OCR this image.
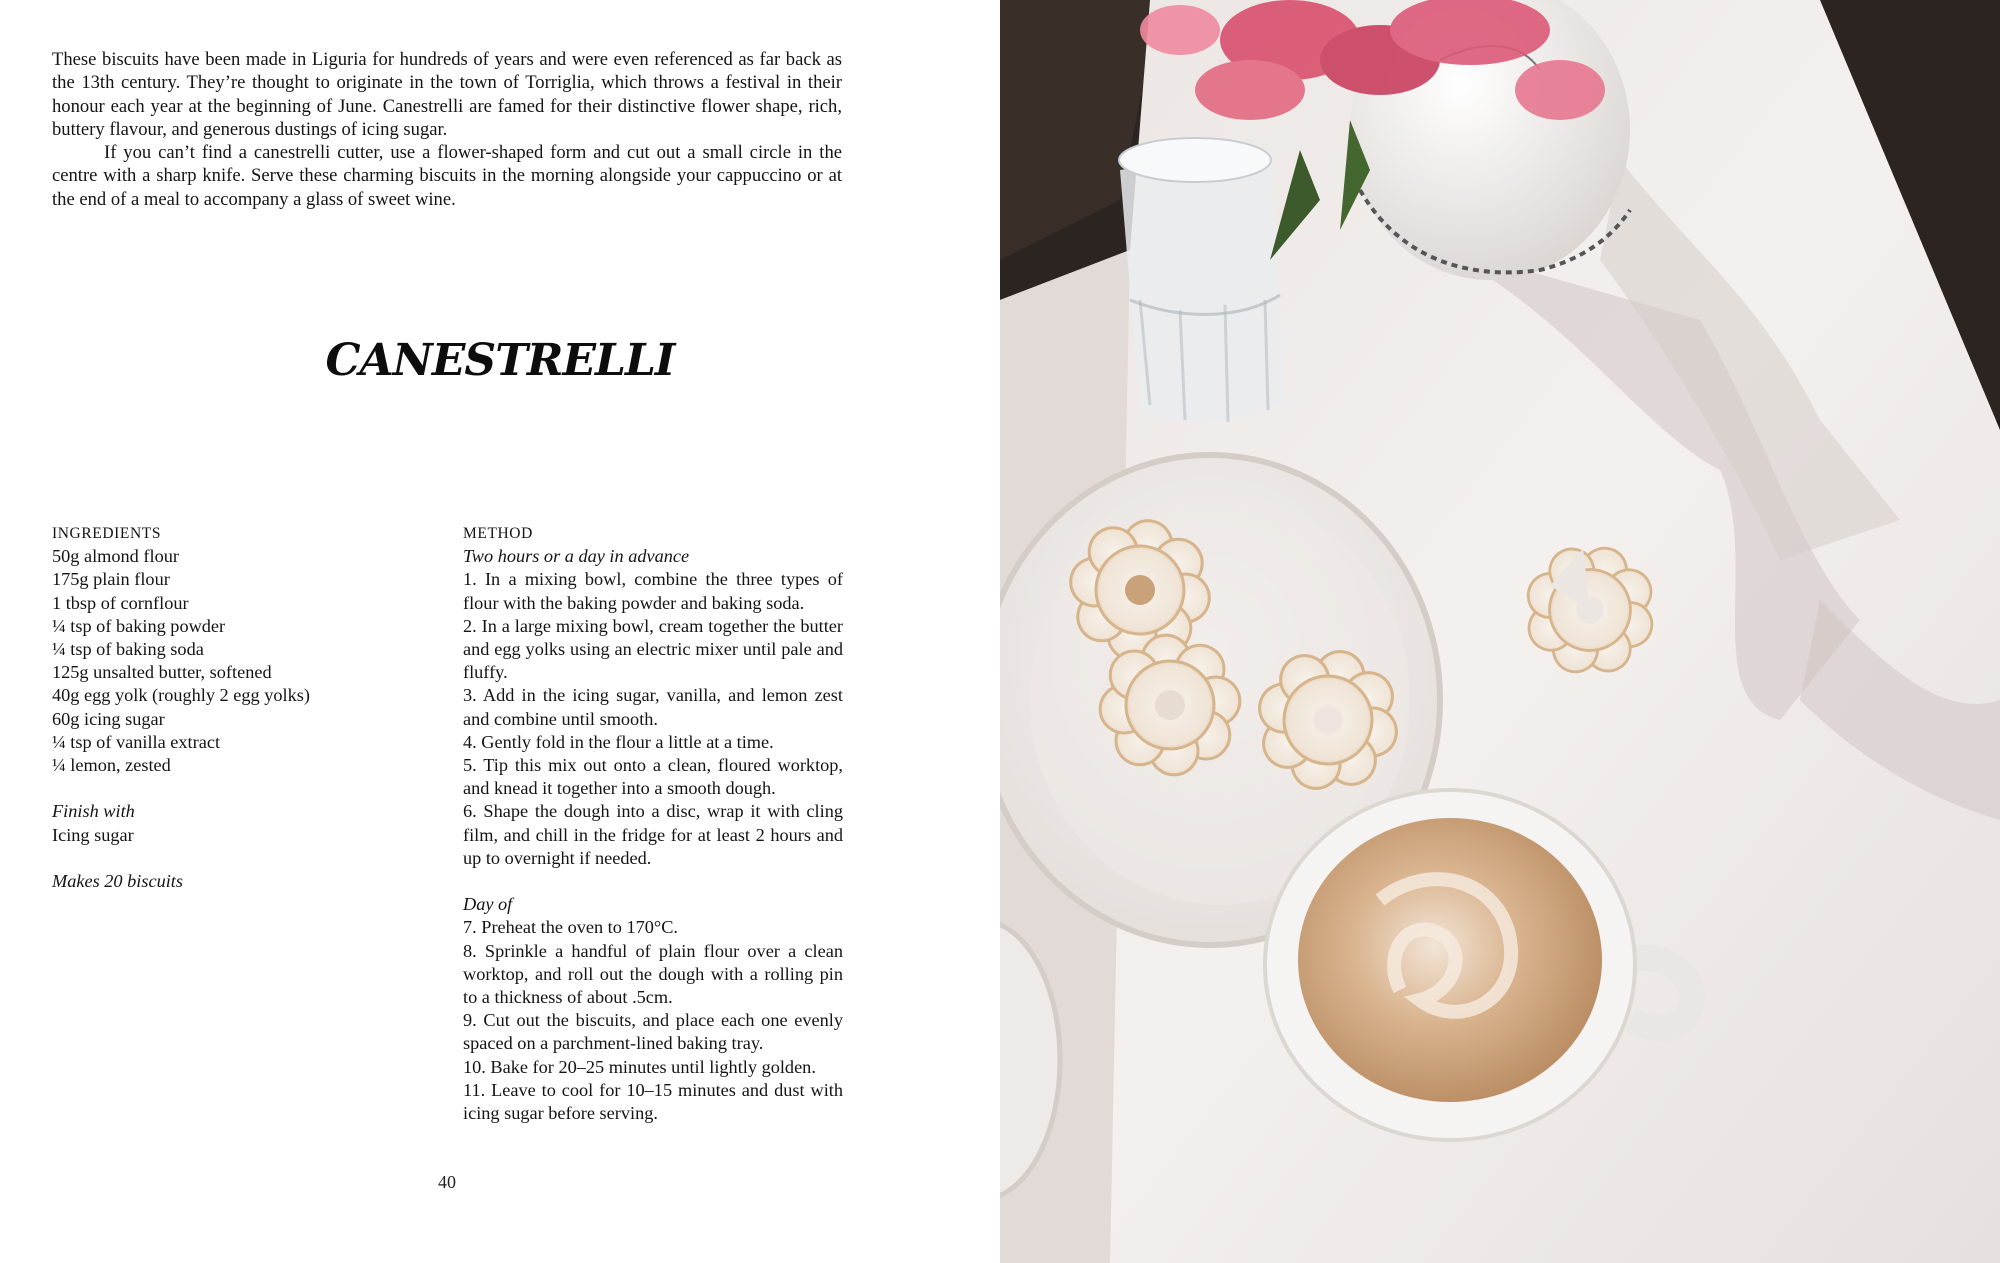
These biscuits have been made in Liguria for hundreds of years and were even referenced as far back as the 13th century. They’re thought to originate in the town of Torriglia, which throws a festival in their honour each year at the beginning of June. Canestrelli are famed for their distinctive flower shape, rich, buttery flavour, and generous dustings of icing sugar.

If you can’t find a canestrelli cutter, use a flower-shaped form and cut out a small circle in the centre with a sharp knife. Serve these charming biscuits in the morning alongside your cappuccino or at the end of a meal to accompany a glass of sweet wine.

CANESTRELLI
INGREDIENTS
50g almond flour
175g plain flour
1 tbsp of cornflour
¼ tsp of baking powder
¼ tsp of baking soda
125g unsalted butter, softened
40g egg yolk (roughly 2 egg yolks)
60g icing sugar
¼ tsp of vanilla extract
¼ lemon, zested
Finish with
Icing sugar
Makes 20 biscuits
METHOD
Two hours or a day in advance
1. In a mixing bowl, combine the three types of flour with the baking powder and baking soda.
2. In a large mixing bowl, cream together the butter and egg yolks using an electric mixer until pale and fluffy.
3. Add in the icing sugar, vanilla, and lemon zest and combine until smooth.
4. Gently fold in the flour a little at a time.
5. Tip this mix out onto a clean, floured worktop, and knead it together into a smooth dough.
6. Shape the dough into a disc, wrap it with cling film, and chill in the fridge for at least 2 hours and up to overnight if needed.
Day of
7. Preheat the oven to 170°C.
8. Sprinkle a handful of plain flour over a clean worktop, and roll out the dough with a rolling pin to a thickness of about .5cm.
9. Cut out the biscuits, and place each one evenly spaced on a parchment-lined baking tray.
10. Bake for 20–25 minutes until lightly golden.
11. Leave to cool for 10–15 minutes and dust with icing sugar before serving.
40
